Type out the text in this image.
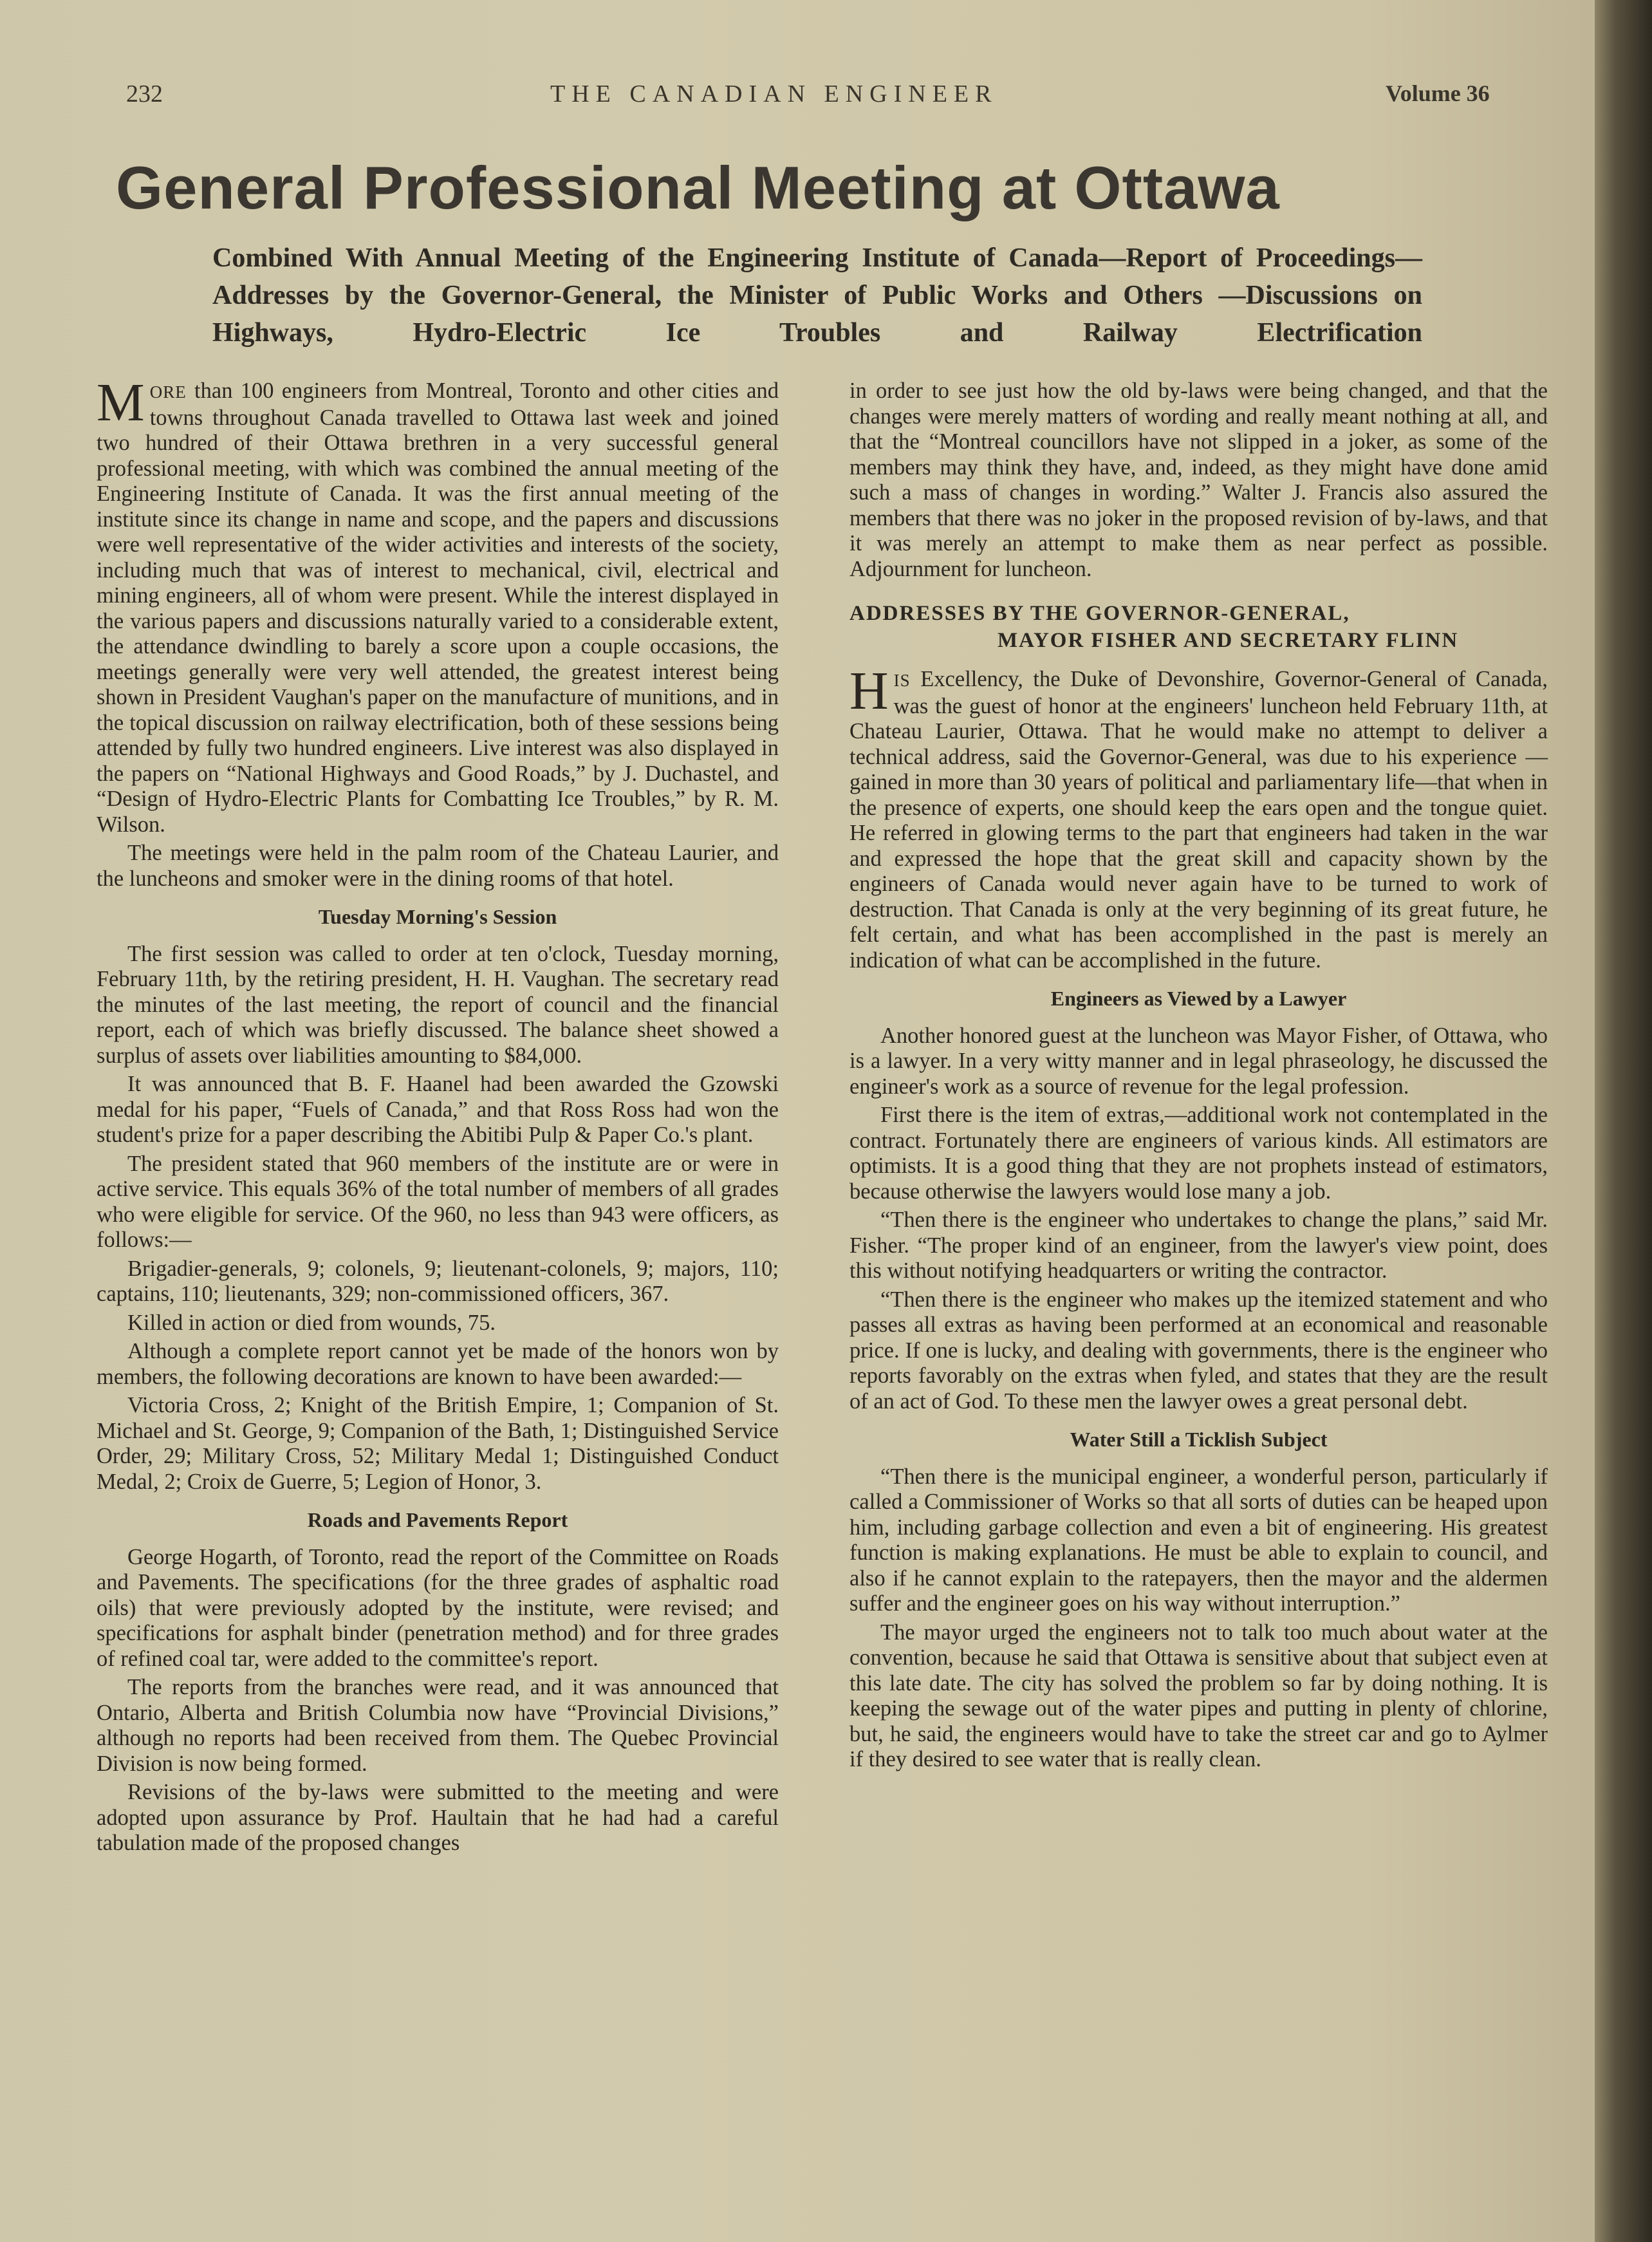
232	THE CANADIAN ENGINEER	Volume 36
General Professional Meeting at Ottawa
Combined With Annual Meeting of the Engineering Institute of Canada—Report of Proceedings—Addresses by the Governor-General, the Minister of Public Works and Others —Discussions on Highways, Hydro-Electric Ice Troubles and Railway Electrification

MORE than 100 engineers from Montreal, Toronto and other cities and towns throughout Canada travelled to Ottawa last week and joined two hundred of their Ottawa brethren in a very successful general professional meeting, with which was combined the annual meeting of the Engineering Institute of Canada. It was the first annual meeting of the institute since its change in name and scope, and the papers and discussions were well representative of the wider activities and interests of the society, including much that was of interest to mechanical, civil, electrical and mining engineers, all of whom were present. While the interest displayed in the various papers and discussions naturally varied to a considerable extent, the attendance dwindling to barely a score upon a couple occasions, the meetings generally were very well attended, the greatest interest being shown in President Vaughan's paper on the manufacture of munitions, and in the topical discussion on railway electrification, both of these sessions being attended by fully two hundred engineers. Live interest was also displayed in the papers on “National Highways and Good Roads,” by J. Duchastel, and “Design of Hydro-Electric Plants for Combatting Ice Troubles,” by R. M. Wilson.

The meetings were held in the palm room of the Chateau Laurier, and the luncheons and smoker were in the dining rooms of that hotel.

Tuesday Morning's Session

The first session was called to order at ten o'clock, Tuesday morning, February 11th, by the retiring president, H. H. Vaughan. The secretary read the minutes of the last meeting, the report of council and the financial report, each of which was briefly discussed. The balance sheet showed a surplus of assets over liabilities amounting to $84,000.

It was announced that B. F. Haanel had been awarded the Gzowski medal for his paper, “Fuels of Canada,” and that Ross Ross had won the student's prize for a paper describing the Abitibi Pulp & Paper Co.'s plant.

The president stated that 960 members of the institute are or were in active service. This equals 36% of the total number of members of all grades who were eligible for service. Of the 960, no less than 943 were officers, as follows:—

Brigadier-generals, 9; colonels, 9; lieutenant-colonels, 9; majors, 110; captains, 110; lieutenants, 329; non-commissioned officers, 367.

Killed in action or died from wounds, 75.

Although a complete report cannot yet be made of the honors won by members, the following decorations are known to have been awarded:—

Victoria Cross, 2; Knight of the British Empire, 1; Companion of St. Michael and St. George, 9; Companion of the Bath, 1; Distinguished Service Order, 29; Military Cross, 52; Military Medal 1; Distinguished Conduct Medal, 2; Croix de Guerre, 5; Legion of Honor, 3.

Roads and Pavements Report

George Hogarth, of Toronto, read the report of the Committee on Roads and Pavements. The specifications (for the three grades of asphaltic road oils) that were previously adopted by the institute, were revised; and specifications for asphalt binder (penetration method) and for three grades of refined coal tar, were added to the committee's report.

The reports from the branches were read, and it was announced that Ontario, Alberta and British Columbia now have “Provincial Divisions,” although no reports had been received from them. The Quebec Provincial Division is now being formed.

Revisions of the by-laws were submitted to the meeting and were adopted upon assurance by Prof. Haultain that he had had a careful tabulation made of the proposed changes

in order to see just how the old by-laws were being changed, and that the changes were merely matters of wording and really meant nothing at all, and that the “Montreal councillors have not slipped in a joker, as some of the members may think they have, and, indeed, as they might have done amid such a mass of changes in wording.” Walter J. Francis also assured the members that there was no joker in the proposed revision of by-laws, and that it was merely an attempt to make them as near perfect as possible. Adjournment for luncheon.

ADDRESSES BY THE GOVERNOR-GENERAL,
MAYOR FISHER AND SECRETARY FLINN

HIS Excellency, the Duke of Devonshire, Governor-General of Canada, was the guest of honor at the engineers' luncheon held February 11th, at Chateau Laurier, Ottawa. That he would make no attempt to deliver a technical address, said the Governor-General, was due to his experience —gained in more than 30 years of political and parliamentary life—that when in the presence of experts, one should keep the ears open and the tongue quiet. He referred in glowing terms to the part that engineers had taken in the war and expressed the hope that the great skill and capacity shown by the engineers of Canada would never again have to be turned to work of destruction. That Canada is only at the very beginning of its great future, he felt certain, and what has been accomplished in the past is merely an indication of what can be accomplished in the future.

Engineers as Viewed by a Lawyer

Another honored guest at the luncheon was Mayor Fisher, of Ottawa, who is a lawyer. In a very witty manner and in legal phraseology, he discussed the engineer's work as a source of revenue for the legal profession.

First there is the item of extras,—additional work not contemplated in the contract. Fortunately there are engineers of various kinds. All estimators are optimists. It is a good thing that they are not prophets instead of estimators, because otherwise the lawyers would lose many a job.

“Then there is the engineer who undertakes to change the plans,” said Mr. Fisher. “The proper kind of an engineer, from the lawyer's view point, does this without notifying headquarters or writing the contractor.

“Then there is the engineer who makes up the itemized statement and who passes all extras as having been performed at an economical and reasonable price. If one is lucky, and dealing with governments, there is the engineer who reports favorably on the extras when fyled, and states that they are the result of an act of God. To these men the lawyer owes a great personal debt.

Water Still a Ticklish Subject

“Then there is the municipal engineer, a wonderful person, particularly if called a Commissioner of Works so that all sorts of duties can be heaped upon him, including garbage collection and even a bit of engineering. His greatest function is making explanations. He must be able to explain to council, and also if he cannot explain to the ratepayers, then the mayor and the aldermen suffer and the engineer goes on his way without interruption.”

The mayor urged the engineers not to talk too much about water at the convention, because he said that Ottawa is sensitive about that subject even at this late date. The city has solved the problem so far by doing nothing. It is keeping the sewage out of the water pipes and putting in plenty of chlorine, but, he said, the engineers would have to take the street car and go to Aylmer if they desired to see water that is really clean.
